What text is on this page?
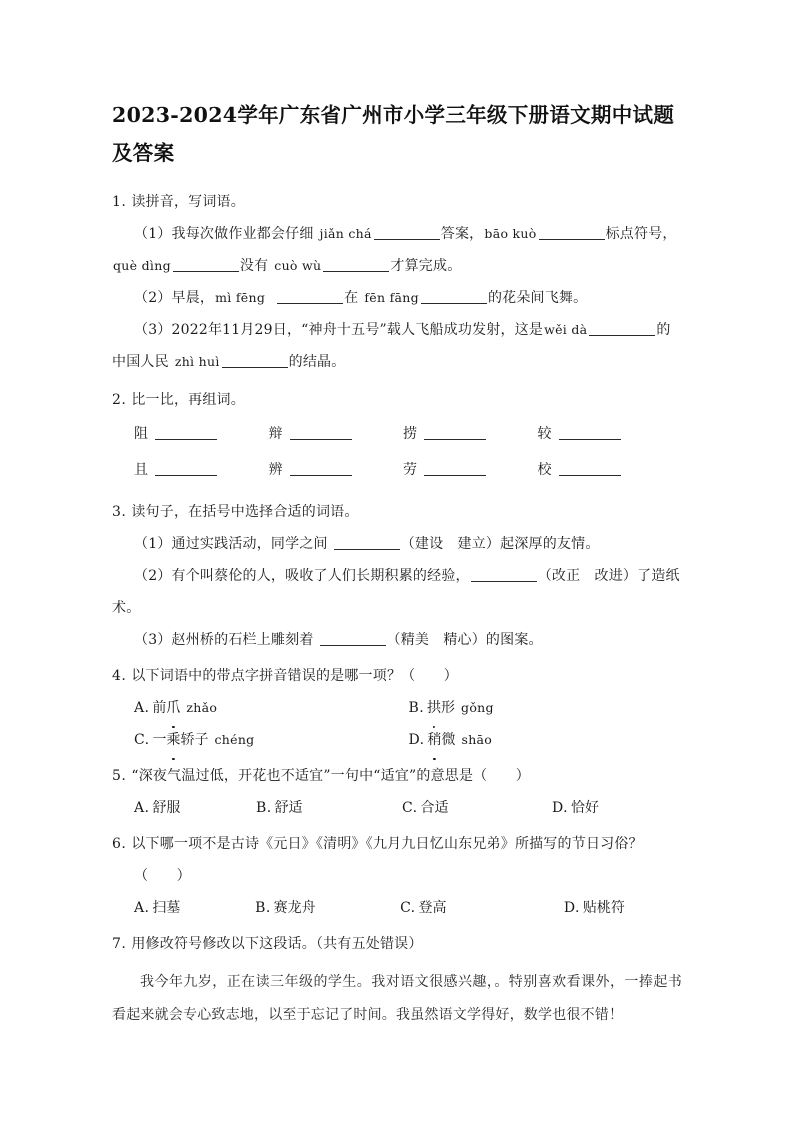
2023-2024学年广东省广州市小学三年级下册语文期中试题及答案
1. 读拼音，写词语。
（1）我每次做作业都会仔细 jiǎn chá	答案，bāo kuò	标点符号，
què dìng	没有 cuò wù	才算完成。
（2）早晨，mì fēng	在 fēn fāng	的花朵间飞舞。
（3）2022年11月29日，“神舟十五号”载人飞船成功发射，这是wěi dà	的
中国人民 zhì huì	的结晶。
2. 比一比，再组词。
阻	辩	捞	较
且	辨	劳	校
3. 读句子，在括号中选择合适的词语。
（1）通过实践活动，同学之间	（建设　建立）起深厚的友情。
（2）有个叫蔡伦的人，吸收了人们长期积累的经验，	（改正　改进）了造纸
术。
（3）赵州桥的石栏上雕刻着	（精美　精心）的图案。
4. 以下词语中的带点字拼音错误的是哪一项？（　　）
A. 前爪 zhǎo	B. 拱形 gǒng
C. 一乘轿子 chéng	D. 稍微 shāo
5. “深夜气温过低，开花也不适宜”一句中“适宜”的意思是（　　）
A. 舒服	B. 舒适	C. 合适	D. 恰好
6. 以下哪一项不是古诗《元日》《清明》《九月九日忆山东兄弟》所描写的节日习俗？
（　　）
A. 扫墓	B. 赛龙舟	C. 登高	D. 贴桃符
7. 用修改符号修改以下这段话。（共有五处错误）
我今年九岁，正在读三年级的学生。我对语文很感兴趣，。特别喜欢看课外，一捧起书看起来就会专心致志地，以至于忘记了时间。我虽然语文学得好，数学也很不错！
